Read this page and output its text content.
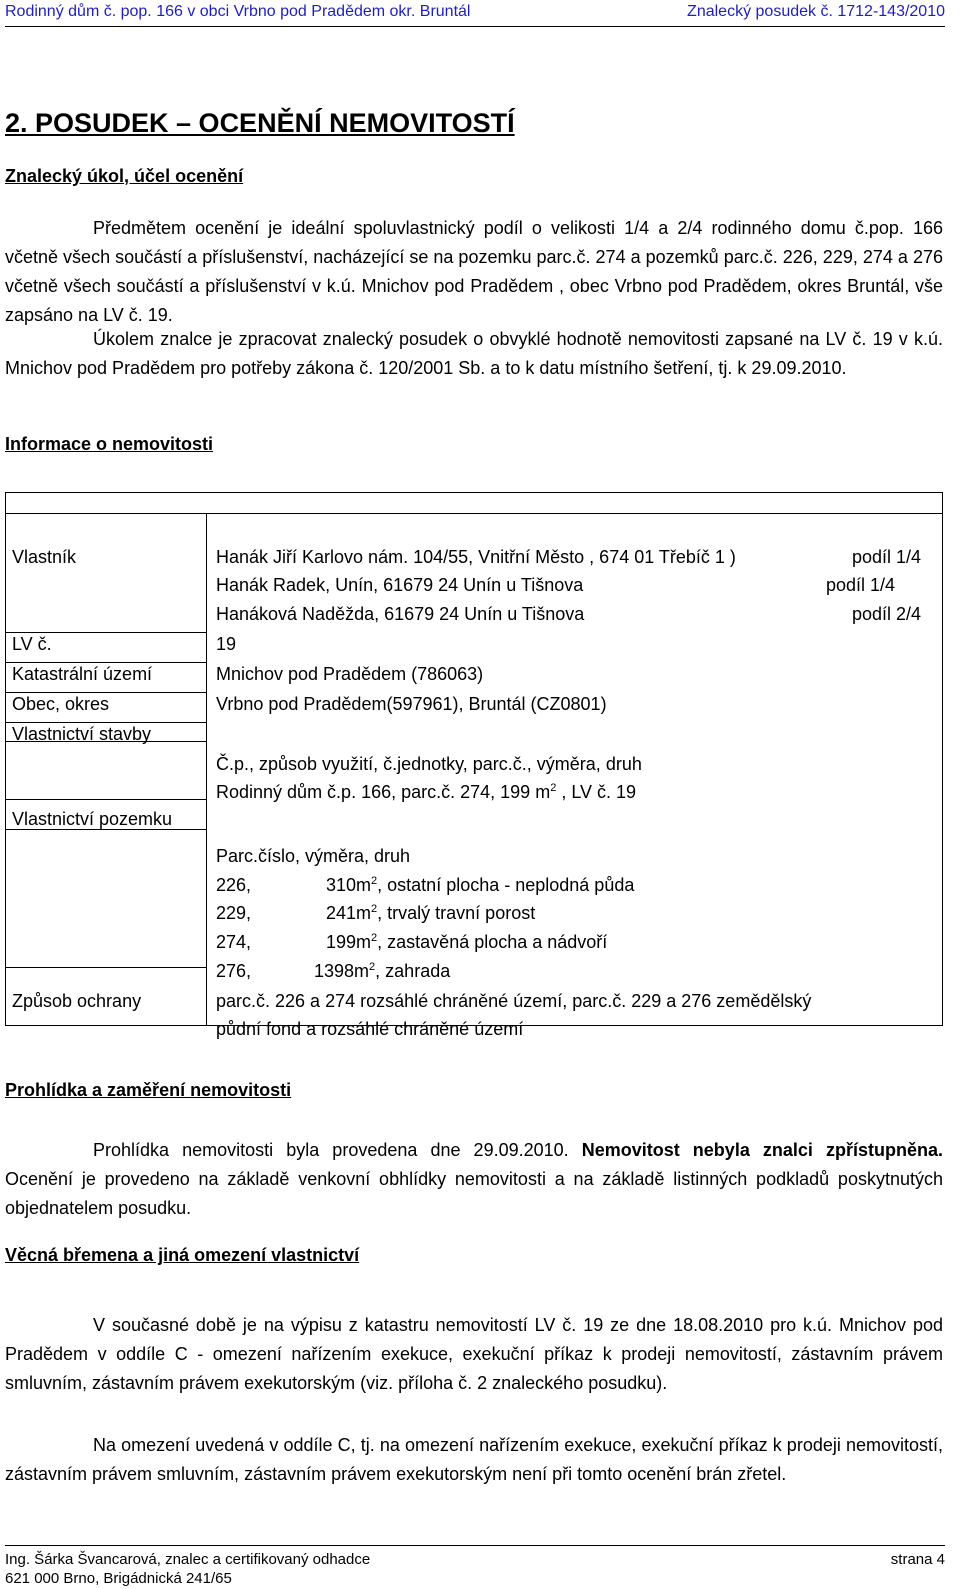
Rodinný dům č. pop. 166 v obci Vrbno pod Pradědem okr. Bruntál	Znalecký posudek č. 1712-143/2010
2. POSUDEK – OCENĚNÍ NEMOVITOSTÍ
Znalecký úkol, účel ocenění

Předmětem ocenění je ideální spoluvlastnický podíl o velikosti 1/4 a 2/4 rodinného domu č.pop. 166 včetně všech součástí a příslušenství, nacházející se na pozemku parc.č. 274 a pozemků parc.č. 226, 229, 274 a 276 včetně všech součástí a příslušenství v k.ú. Mnichov pod Pradědem , obec Vrbno pod Pradědem, okres Bruntál, vše zapsáno na LV č. 19.

Úkolem znalce je zpracovat znalecký posudek o obvyklé hodnotě nemovitosti zapsané na LV č. 19 v k.ú. Mnichov pod Pradědem pro potřeby zákona č. 120/2001 Sb. a to k datu místního šetření, tj. k 29.09.2010.

Informace o nemovitosti
Vlastník	Hanák Jiří Karlovo nám. 104/55, Vnitřní Město , 674 01 Třebíč 1 )	podíl 1/4
Hanák Radek, Unín, 61679 24 Unín u Tišnova	podíl 1/4
Hanáková Naděžda, 61679 24 Unín u Tišnova	podíl 2/4
LV č.	19
Katastrální území	Mnichov pod Pradědem (786063)
Obec, okres	Vrbno pod Pradědem(597961), Bruntál (CZ0801)
Vlastnictví stavby
Č.p., způsob využití, č.jednotky, parc.č., výměra, druh
Rodinný dům č.p. 166, parc.č. 274, 199 $m^2$ , LV č. 19
Vlastnictví pozemku
Parc.číslo, výměra, druh
226,	$310m^2$, ostatní plocha - neplodná půda
229,	$241m^2$, trvalý travní porost
274,	$199m^2$, zastavěná plocha a nádvoří
276,	$1398m^2$, zahrada
Způsob ochrany	parc.č. 226 a 274 rozsáhlé chráněné území, parc.č. 229 a 276 zemědělský
půdní fond a rozsáhlé chráněné území
Prohlídka a zaměření nemovitosti

Prohlídka nemovitosti byla provedena dne 29.09.2010. Nemovitost nebyla znalci zpřístupněna. Ocenění je provedeno na základě venkovní obhlídky nemovitosti a na základě listinných podkladů poskytnutých objednatelem posudku.

Věcná břemena a jiná omezení vlastnictví

V současné době je na výpisu z katastru nemovitostí LV č. 19 ze dne 18.08.2010 pro k.ú. Mnichov pod Pradědem v oddíle C - omezení nařízením exekuce, exekuční příkaz k prodeji nemovitostí, zástavním právem smluvním, zástavním právem exekutorským (viz. příloha č. 2 znaleckého posudku).

Na omezení uvedená v oddíle C, tj. na omezení nařízením exekuce, exekuční příkaz k prodeji nemovitostí, zástavním právem smluvním, zástavním právem exekutorským není při tomto ocenění brán zřetel.

Ing. Šárka Švancarová, znalec a certifikovaný odhadce	strana 4
621 000 Brno, Brigádnická 241/65
